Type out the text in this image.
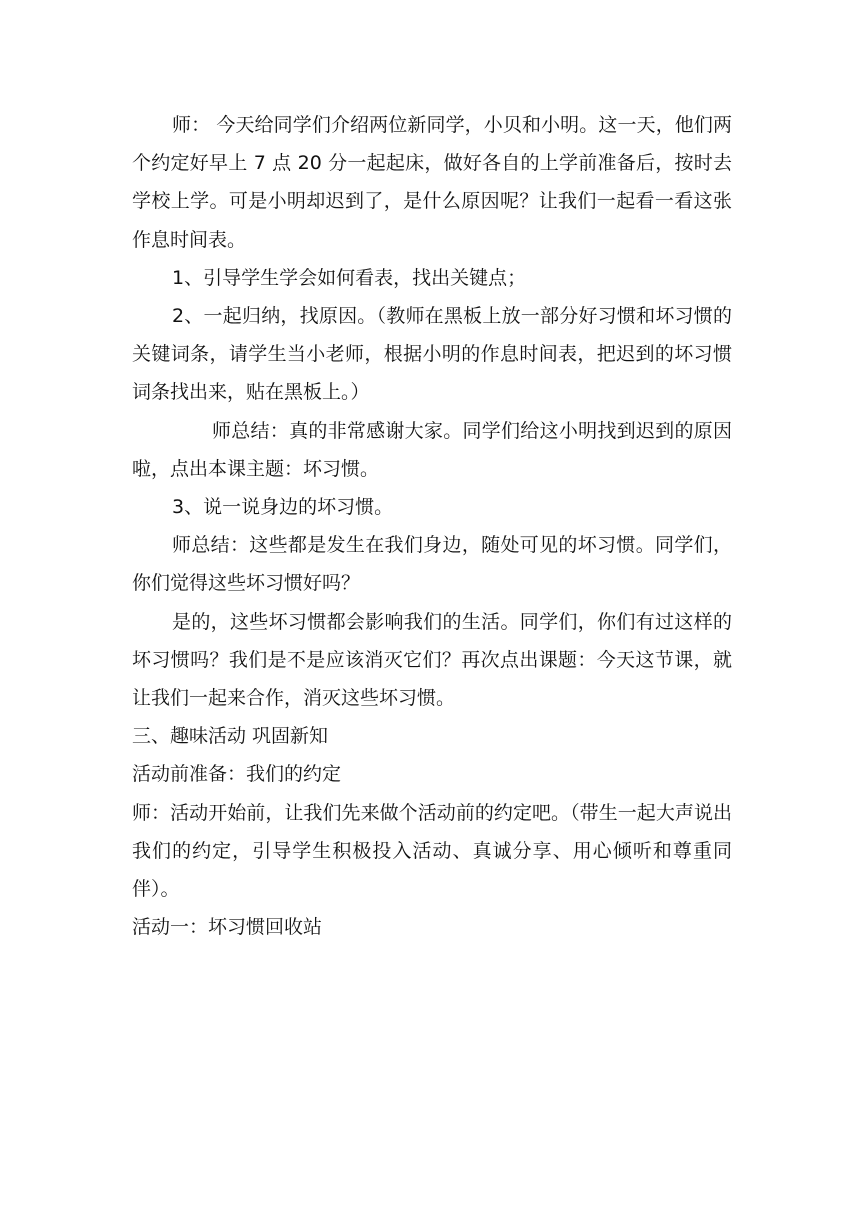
师： 今天给同学们介绍两位新同学，小贝和小明。这一天，他们两个约定好早上 7 点 20 分一起起床，做好各自的上学前准备后，按时去学校上学。可是小明却迟到了，是什么原因呢？让我们一起看一看这张作息时间表。

1、引导学生学会如何看表，找出关键点；

2、一起归纳，找原因。（教师在黑板上放一部分好习惯和坏习惯的关键词条，请学生当小老师，根据小明的作息时间表，把迟到的坏习惯词条找出来，贴在黑板上。）

师总结：真的非常感谢大家。同学们给这小明找到迟到的原因啦，点出本课主题：坏习惯。

3、说一说身边的坏习惯。

师总结：这些都是发生在我们身边，随处可见的坏习惯。同学们，你们觉得这些坏习惯好吗？

是的，这些坏习惯都会影响我们的生活。同学们，你们有过这样的坏习惯吗？我们是不是应该消灭它们？再次点出课题：今天这节课，就让我们一起来合作，消灭这些坏习惯。

三、趣味活动 巩固新知

活动前准备：我们的约定

师：活动开始前，让我们先来做个活动前的约定吧。（带生一起大声说出我们的约定，引导学生积极投入活动、真诚分享、用心倾听和尊重同伴）。

活动一：坏习惯回收站
